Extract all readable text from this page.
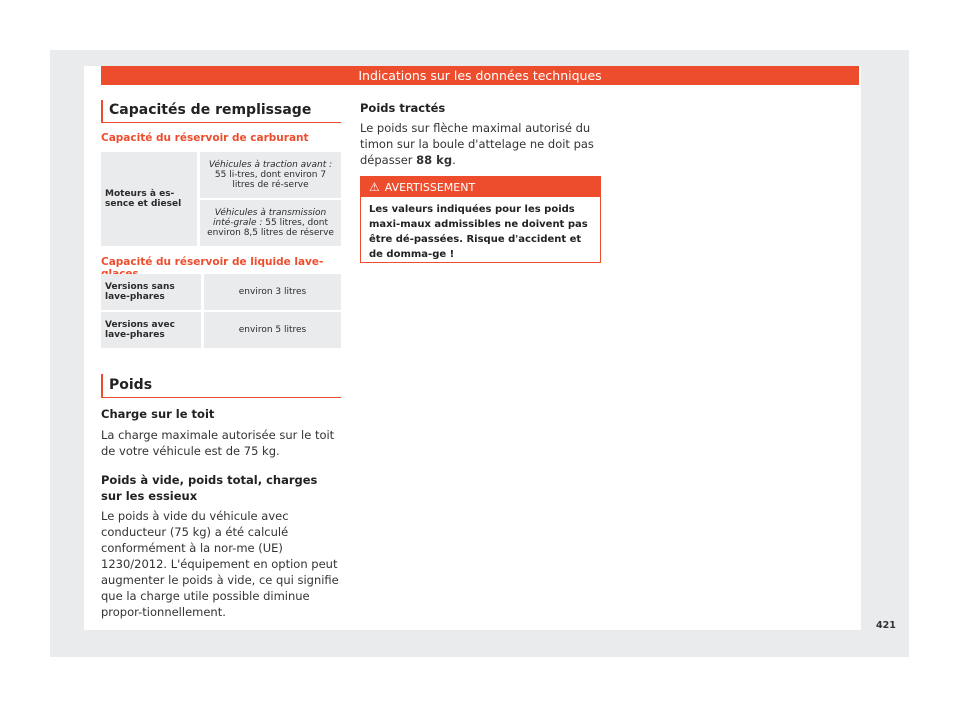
Indications sur les données techniques
Capacités de remplissage
Capacité du réservoir de carburant
Moteurs à es-sence et diesel	Véhicules à traction avant : 55 li-tres, dont environ 7 litres de ré-serve
Véhicules à transmission inté-grale : 55 litres, dont environ 8,5 litres de réserve
Capacité du réservoir de liquide lave-
Versions sans lave-phares	environ 3 litres
Versions avec lave-phares	environ 5 litres
Poids
Charge sur le toit
La charge maximale autorisée sur le toit de votre véhicule est de 75 kg.
Poids à vide, poids total, charges sur les essieux
Le poids à vide du véhicule avec conducteur (75 kg) a été calculé conformément à la nor-me (UE) 1230/2012. L'équipement en option peut augmenter le poids à vide, ce qui signifie que la charge utile possible diminue propor-tionnellement.
Poids tractés
Le poids sur flèche maximal autorisé du timon sur la boule d'attelage ne doit pas dépasser 88 kg.
⚠ AVERTISSEMENT
Les valeurs indiquées pour les poids maxi-maux admissibles ne doivent pas être dé-passées. Risque d'accident et de domma-ge !
421
